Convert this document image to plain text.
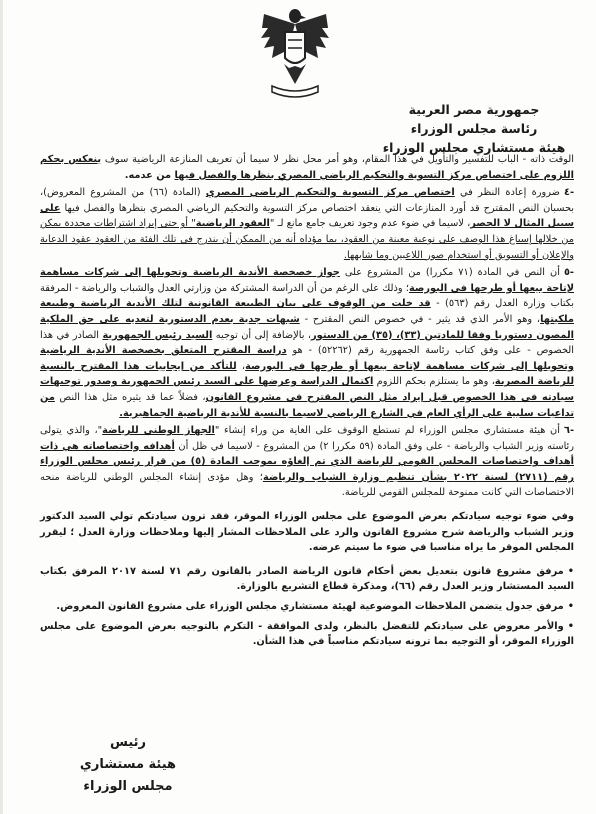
جمهورية مصر العربية
رئاسة مجلس الوزراء
هيئة مستشاري مجلس الوزراء

الوقت ذاته - الباب للتفسير والتأويل في هذا المقام، وهو أمر محل نظر لا سيما أن تعريف المنازعة الرياضية سوف ينعكس بحكم اللزوم على اختصاص مركز التسوية والتحكيم الرياضي المصري بنظرها والفصل فيها من عدمه.

-٤ضرورة إعادة النظر في اختصاص مركز التسوية والتحكيم الرياضي المصري (المادة (٦٦) من المشروع المعروض)، بحسبان النص المقترح قد أورد المنازعات التي ينعقد اختصاص مركز التسوية والتحكيم الرياضي المصري بنظرها والفصل فيها على سبيل المثال لا الحصر، لاسيما في ضوء عدم وجود تعريف جامع مانع لـ "العقود الرياضية" أو حتى إيراد اشتراطات محددة يمكن من خلالها إسباغ هذا الوصف على نوعية معينة من العقود، بما مؤداه أنه من الممكن أن يندرج في تلك الفئة من العقود عقود الدعاية والإعلان أو التسويق أو استخدام صور اللاعبين وما شابهها.

-٥أن النص في المادة (٧١ مكررا) من المشروع على جواز خصخصة الأندية الرياضية وتحويلها إلى شركات مساهمة لإتاحة بيعها أو طرحها في البورصة؛ وذلك على الرغم من أن الدراسة المشتركة من وزارتي العدل والشباب والرياضة - المرفقة بكتاب وزارة العدل رقم (٥٦٣) - قد خلت من الوقوف على بيان الطبيعة القانونية لتلك الأندية الرياضية وطبيعة ملكيتها، وهو الأمر الذي قد يثير - في خصوص النص المقترح - شبهات جدية بعدم الدستورية لتعديه على حق الملكية المصون دستوريا وفقا للمادتين (٣٣)، (٣٥) من الدستور، بالإضافة إلى أن توجيه السيد رئيس الجمهورية الصادر في هذا الخصوص - على وفق كتاب رئاسة الجمهورية رقم (٥٢٢٦٢) - هو دراسة المقترح المتعلق بخصخصة الأندية الرياضية وتحويلها إلى شركات مساهمة لإتاحة بيعها أو طرحها في البورصة، للتأكد من إيجابيات هذا المقترح بالنسبة للرياضة المصرية، وهو ما يستلزم بحكم اللزوم اكتمال الدراسة وعرضها على السيد رئيس الجمهورية وصدور توجيهات سيادته في هذا الخصوص قبل إيراد مثل النص المقترح في مشروع القانون، فضلاً عما قد يثيره مثل هذا النص من تداعيات سلبية على الرأي العام في الشارع الرياضي لاسيما بالنسبة للأندية الرياضية الجماهيرية.

-٦أن هيئة مستشاري مجلس الوزراء لم تستطع الوقوف على الغاية من وراء إنشاء "الجهاز الوطني للرياضة"، والذي يتولى رئاسته وزير الشباب والرياضة - على وفق المادة (٥٩ مكررا ٢) من المشروع - لاسيما في ظل أن أهدافه واختصاصاته هي ذات أهداف واختصاصات المجلس القومي للرياضة الذي تم إلغاؤه بموجب المادة (٥) من قرار رئيس مجلس الوزراء رقم (٢٧١١) لسنة ٢٠٢٢ بشأن تنظيم وزارة الشباب والرياضة؛ وهل مؤدى إنشاء المجلس الوطني للرياضة منحه الاختصاصات التي كانت ممنوحة للمجلس القومي للرياضة.

وفي ضوء توجيه سيادتكم بعرض الموضوع على مجلس الوزراء الموقر، فقد ترون سيادتكم تولي السيد الدكتور وزير الشباب والرياضة شرح مشروع القانون والرد على الملاحظات المشار إليها وملاحظات وزارة العدل ؛ ليقرر المجلس الموقر ما يراه مناسبا في ضوء ما سيتم عرضه.

•مرفق مشروع قانون بتعديل بعض أحكام قانون الرياضة الصادر بالقانون رقم ٧١ لسنة ٢٠١٧ المرفق بكتاب السيد المستشار وزير العدل رقم (٦٦)، ومذكرة قطاع التشريع بالوزارة.

•مرفق جدول يتضمن الملاحظات الموضوعية لهيئة مستشاري مجلس الوزراء على مشروع القانون المعروض.

•والأمر معروض على سيادتكم للتفضل بالنظر، ولدى الموافقة - التكرم بالتوجيه بعرض الموضوع على مجلس الوزراء الموقر، أو التوجيه بما ترونه سيادتكم مناسباً في هذا الشأن.

رئيس
هيئة مستشاري
مجلس الوزراء
